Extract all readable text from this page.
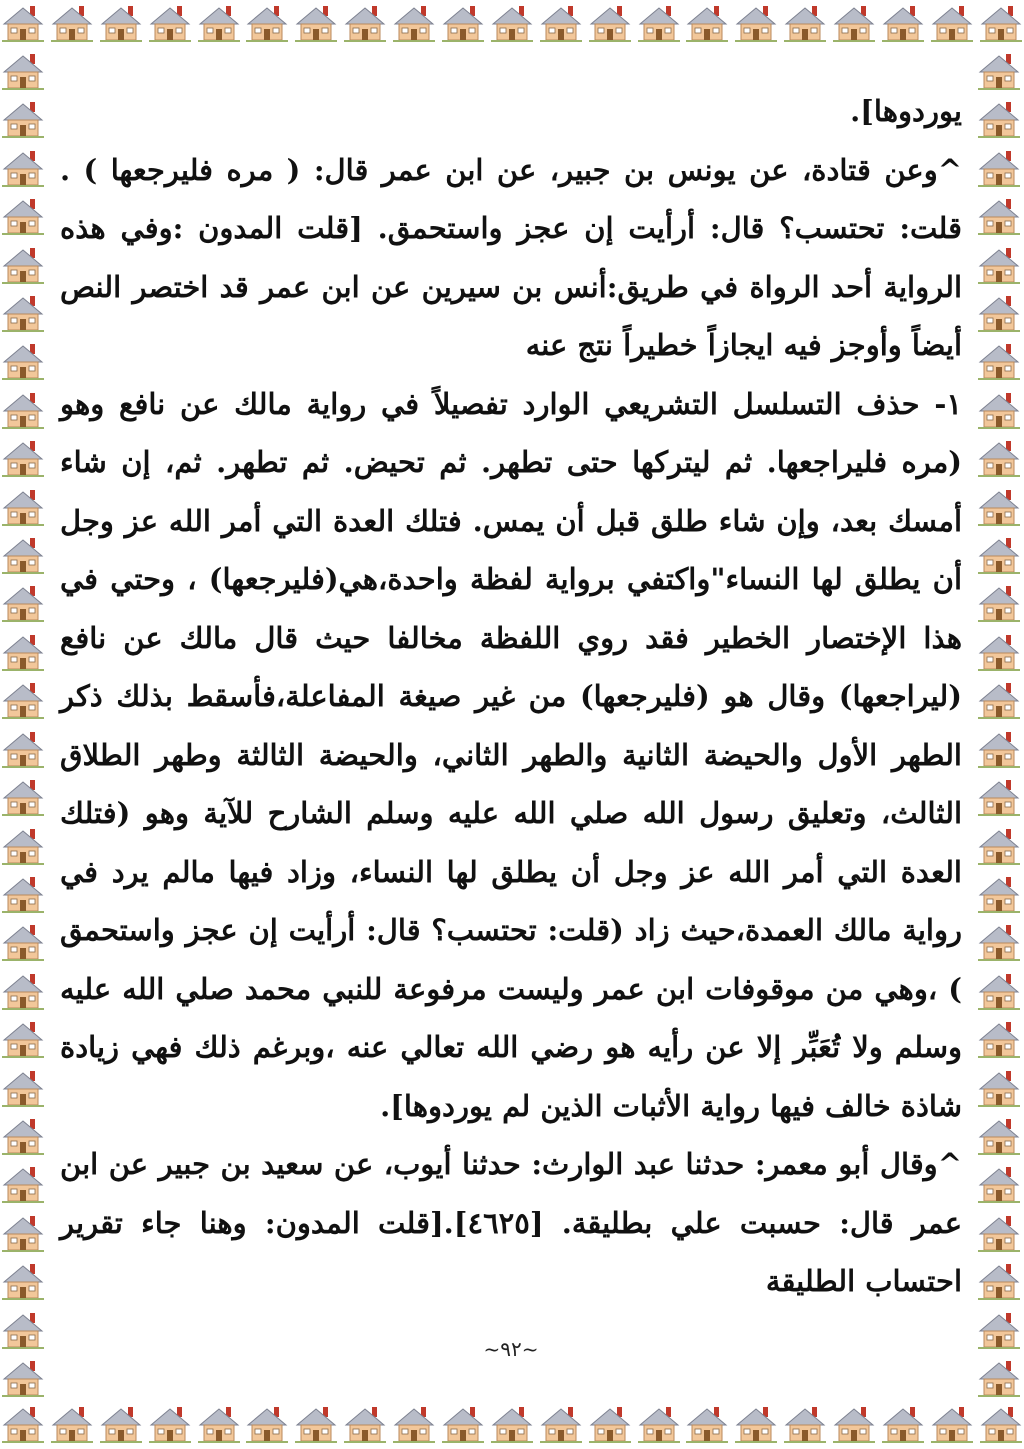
يوردوها].

^وعن قتادة، عن يونس بن جبير، عن ابن عمر قال: ( مره فليرجعها ) . قلت: تحتسب؟ قال: أرأيت إن عجز واستحمق. [قلت المدون :وفي هذه الرواية أحد الرواة في طريق:أنس بن سيرين عن ابن عمر قد اختصر النص أيضاً وأوجز فيه ايجازاً خطيراً نتج عنه

١- حذف التسلسل التشريعي الوارد تفصيلاً في رواية مالك عن نافع وهو (مره فليراجعها. ثم ليتركها حتى تطهر. ثم تحيض. ثم تطهر. ثم، إن شاء أمسك بعد، وإن شاء طلق قبل أن يمس. فتلك العدة التي أمر الله عز وجل أن يطلق لها النساء"واكتفي برواية لفظة واحدة،هي(فليرجعها) ، وحتي في هذا الإختصار الخطير فقد روي اللفظة مخالفا حيث قال مالك عن نافع (ليراجعها) وقال هو (فليرجعها) من غير صيغة المفاعلة،فأسقط بذلك ذكر الطهر الأول والحيضة الثانية والطهر الثاني، والحيضة الثالثة وطهر الطلاق الثالث، وتعليق رسول الله صلي الله عليه وسلم الشارح للآية وهو (فتلك العدة التي أمر الله عز وجل أن يطلق لها النساء، وزاد فيها مالم يرد في رواية مالك العمدة،حيث زاد (قلت: تحتسب؟ قال: أرأيت إن عجز واستحمق ) ،وهي من موقوفات ابن عمر وليست مرفوعة للنبي محمد صلي الله عليه وسلم ولا تُعَبِّر إلا عن رأيه هو رضي الله تعالي عنه ،وبرغم ذلك فهي زيادة شاذة خالف فيها رواية الأثبات الذين لم يوردوها].

^وقال أبو معمر: حدثنا عبد الوارث: حدثنا أيوب، عن سعيد بن جبير عن ابن عمر قال: حسبت علي بطليقة. [٤٦٢٥].[قلت المدون: وهنا جاء تقرير احتساب الطليقة

~٩٢~
